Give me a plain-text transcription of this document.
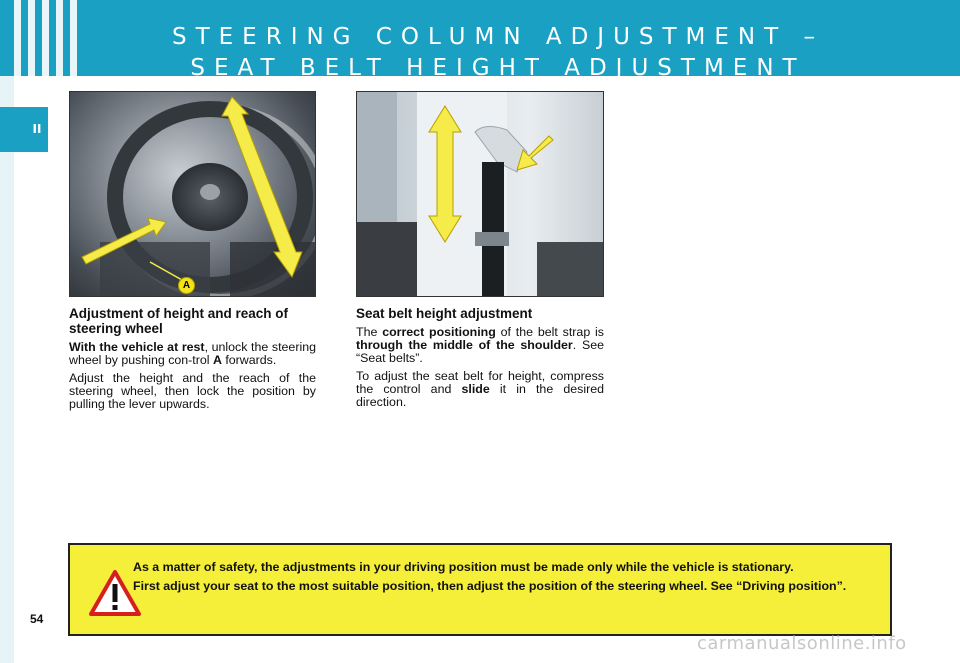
STEERING COLUMN ADJUSTMENT –
SEAT BELT HEIGHT ADJUSTMENT
II
A
Adjustment of height and reach of steering wheel

With the vehicle at rest, unlock the steering wheel by pushing con-trol A forwards.

Adjust the height and the reach of the steering wheel, then lock the position by pulling the lever upwards.

Seat belt height adjustment

The correct positioning of the belt strap is through the middle of the shoulder. See “Seat belts”.

To adjust the seat belt for height, compress the control and slide it in the desired direction.

As a matter of safety, the adjustments in your driving position must be made only while the vehicle is stationary.

First adjust your seat to the most suitable position, then adjust the position of the steering wheel. See “Driving position”.

54
carmanualsonline.info
